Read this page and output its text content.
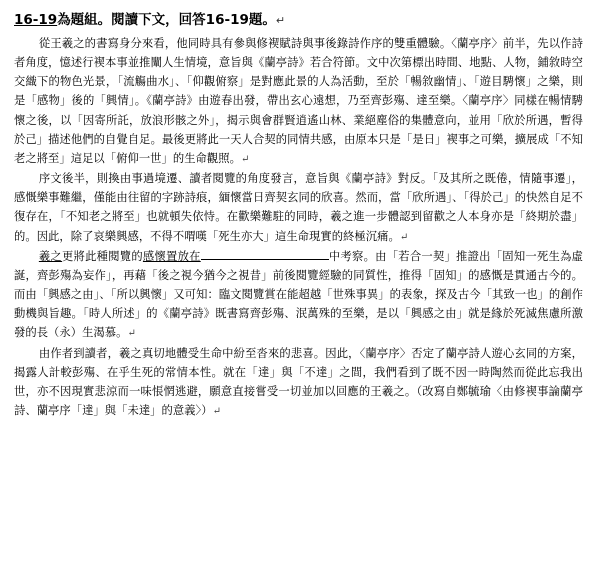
16-19為題組。閱讀下文，回答16-19題。↵

從王羲之的書寫身分來看，他同時具有參與修褉賦詩與事後錄詩作序的雙重體驗。〈蘭亭序〉前半，先以作詩者角度，憶述行褉本事並推闡人生情境，意旨與《蘭亭詩》若合符節。文中次第標出時間、地點、人物，鋪敘時空交織下的物色光景，「流觴曲水」、「仰觀俯察」是對應此景的人為活動，至於「暢敘幽情」、「遊目騁懷」之樂，則是「感物」後的「興情」。《蘭亭詩》由遊春出發，帶出玄心遠想，乃至齊彭殤、達至樂。〈蘭亭序〉同樣在暢情騁懷之後，以「因寄所託，放浪形骸之外」，揭示與會群賢逍遙山林、業絕塵俗的集體意向，並用「欣於所遇，暫得於己」描述他們的自覺自足。最後更將此一天人合契的同情共感，由原本只是「是日」褉事之可樂，擴展成「不知老之將至」這足以「俯仰一世」的生命觀照。↵

序文後半，則換由事過境遷、讀者閱覽的角度發言，意旨與《蘭亭詩》對反。「及其所之既倦，情隨事遷」，感慨樂事難繼，僅能由往留的字跡詩痕，緬懷當日齊契玄同的欣喜。然而，當「欣所遇」、「得於己」的快然自足不復存在，「不知老之將至」也就頓失依恃。在歡樂難駐的同時，羲之進一步體認到留歡之人本身亦是「終期於盡」的。因此，除了哀樂興感，不得不喟嘆「死生亦大」這生命現實的終極沉痛。↵

羲之更將此種閱覽的感懷置放在	中考察。由「若合一契」推證出「固知一死生為虛誕，齊彭殤為妄作」，再藉「後之視今猶今之視昔」前後閱覽經驗的同質性，推得「固知」的感慨是貫通古今的。而由「興感之由」、「所以興懷」又可知：臨文閱覽賞在能超越「世殊事異」的表象，探及古今「其致一也」的創作動機與旨趣。「時人所述」的《蘭亭詩》既書寫齊彭殤、泯萬殊的至樂，是以「興感之由」就是緣於死滅焦慮所激發的長（永）生渴慕。↵

由作者到讀者，羲之真切地體受生命中紛至沓來的悲喜。因此，〈蘭亭序〉否定了蘭亭詩人遊心玄同的方案，揭露人計較彭殤、在乎生死的常情本性。就在「達」與「不達」之間，我們看到了既不因一時陶然而從此忘我出世，亦不因現實悲涼而一味悵惘逃避，願意直接嘗受一切並加以回應的王羲之。（改寫自鄭毓瑜〈由修褉事論蘭亭詩、蘭亭序「達」與「未達」的意義〉）↵
